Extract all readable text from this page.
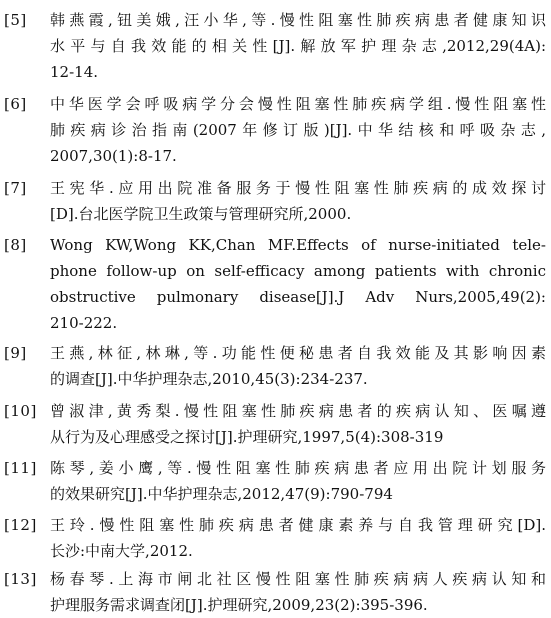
[5] 韩燕霞,钮美娥,汪小华,等.慢性阻塞性肺疾病患者健康知识
水平与自我效能的相关性[J].解放军护理杂志,2012,29(4A):
12-14.
[6] 中华医学会呼吸病学分会慢性阻塞性肺疾病学组.慢性阻塞性
肺疾病诊治指南(2007年修订版)[J].中华结核和呼吸杂志,
2007,30(1):8-17.
[7] 王宪华.应用出院准备服务于慢性阻塞性肺疾病的成效探讨
[D].台北医学院卫生政策与管理研究所,2000.
[8] Wong KW,Wong KK,Chan MF.Effects of nurse-initiated tele-
phone follow-up on self-efficacy among patients with chronic
obstructive pulmonary disease[J].J Adv Nurs,2005,49(2):
210-222.
[9] 王燕,林征,林琳,等.功能性便秘患者自我效能及其影响因素
的调查[J].中华护理杂志,2010,45(3):234-237.
[10] 曾淑津,黄秀梨.慢性阻塞性肺疾病患者的疾病认知、医嘱遵
从行为及心理感受之探讨[J].护理研究,1997,5(4):308-319
[11] 陈琴,姜小鹰,等.慢性阻塞性肺疾病患者应用出院计划服务
的效果研究[J].中华护理杂志,2012,47(9):790-794
[12] 王玲.慢性阻塞性肺疾病患者健康素养与自我管理研究[D].
长沙:中南大学,2012.
[13] 杨春琴.上海市闸北社区慢性阻塞性肺疾病病人疾病认知和
护理服务需求调查闭[J].护理研究,2009,23(2):395-396.
